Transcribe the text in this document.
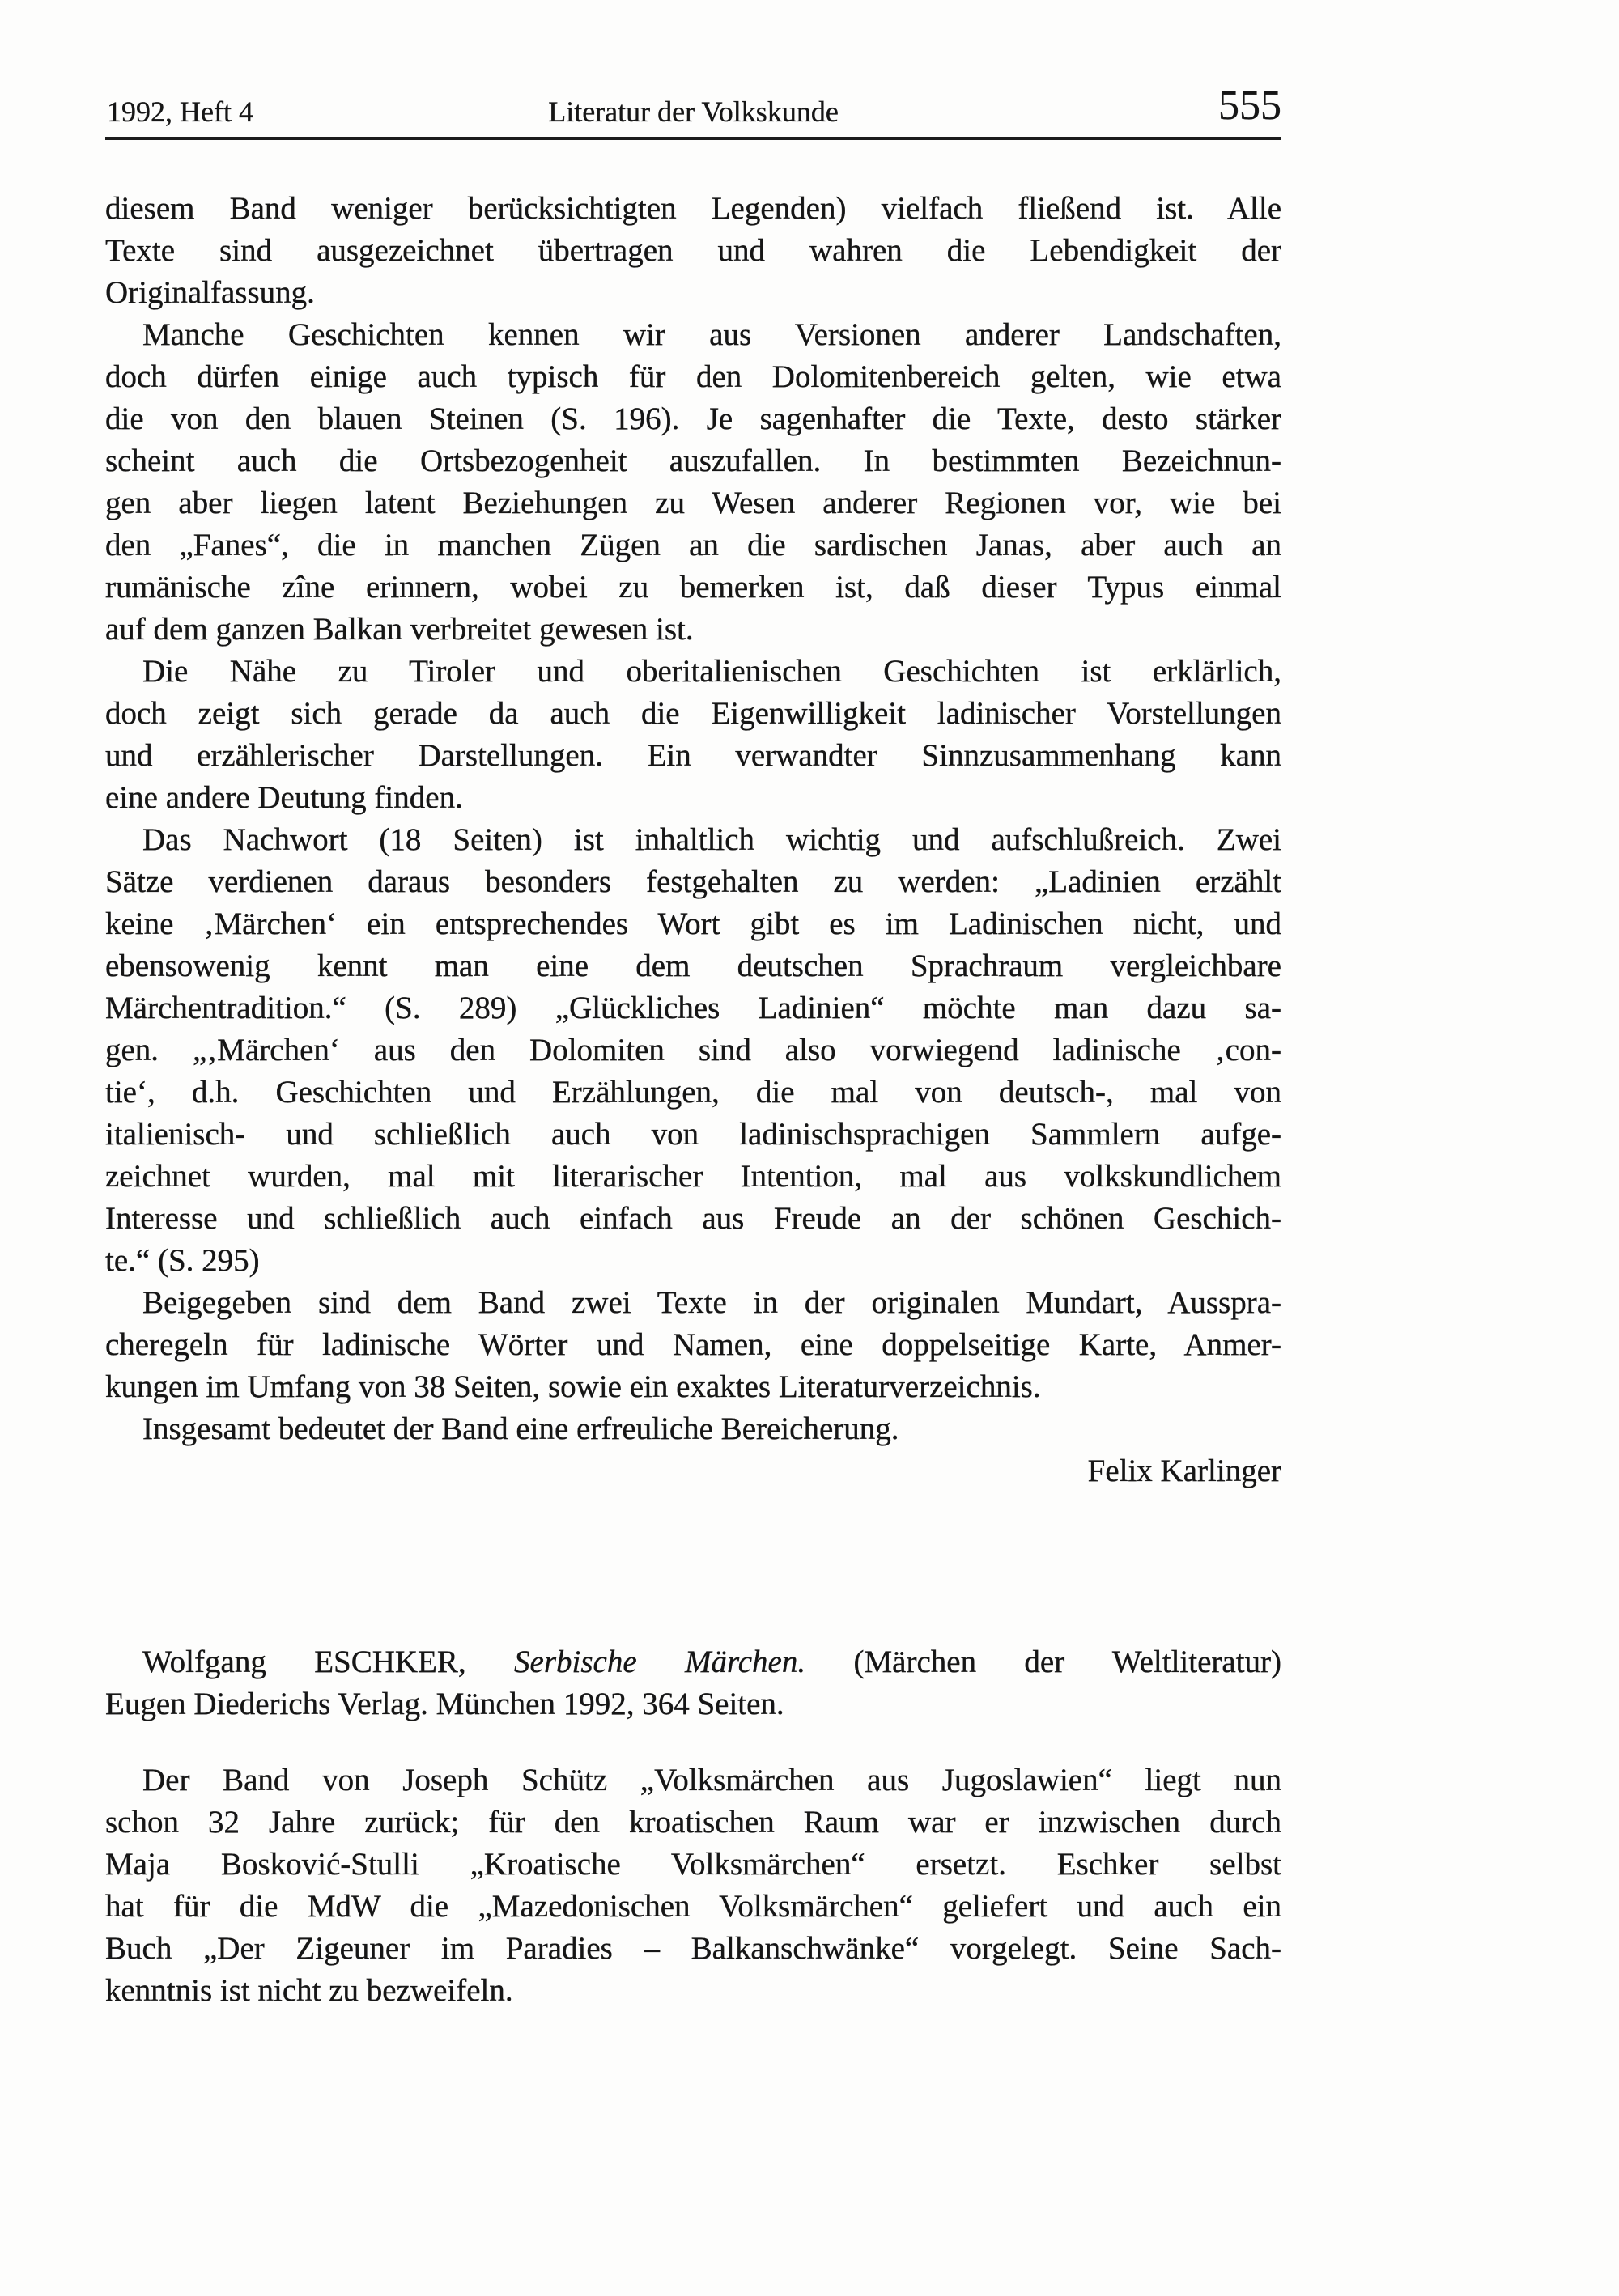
1992, Heft 4	Literatur der Volkskunde	555
diesem Band weniger berücksichtigten Legenden) vielfach fließend ist. Alle
Texte sind ausgezeichnet übertragen und wahren die Lebendigkeit der
Originalfassung.
Manche Geschichten kennen wir aus Versionen anderer Landschaften,
doch dürfen einige auch typisch für den Dolomitenbereich gelten, wie etwa
die von den blauen Steinen (S. 196). Je sagenhafter die Texte, desto stärker
scheint auch die Ortsbezogenheit auszufallen. In bestimmten Bezeichnun-
gen aber liegen latent Beziehungen zu Wesen anderer Regionen vor, wie bei
den „Fanes“, die in manchen Zügen an die sardischen Janas, aber auch an
rumänische zîne erinnern, wobei zu bemerken ist, daß dieser Typus einmal
auf dem ganzen Balkan verbreitet gewesen ist.
Die Nähe zu Tiroler und oberitalienischen Geschichten ist erklärlich,
doch zeigt sich gerade da auch die Eigenwilligkeit ladinischer Vorstellungen
und erzählerischer Darstellungen. Ein verwandter Sinnzusammenhang kann
eine andere Deutung finden.
Das Nachwort (18 Seiten) ist inhaltlich wichtig und aufschlußreich. Zwei
Sätze verdienen daraus besonders festgehalten zu werden: „Ladinien erzählt
keine ‚Märchen‘ ein entsprechendes Wort gibt es im Ladinischen nicht, und
ebensowenig kennt man eine dem deutschen Sprachraum vergleichbare
Märchentradition.“ (S. 289) „Glückliches Ladinien“ möchte man dazu sa-
gen. „‚Märchen‘ aus den Dolomiten sind also vorwiegend ladinische ‚con-
tie‘, d.h. Geschichten und Erzählungen, die mal von deutsch-, mal von
italienisch- und schließlich auch von ladinischsprachigen Sammlern aufge-
zeichnet wurden, mal mit literarischer Intention, mal aus volkskundlichem
Interesse und schließlich auch einfach aus Freude an der schönen Geschich-
te.“ (S. 295)
Beigegeben sind dem Band zwei Texte in der originalen Mundart, Ausspra-
cheregeln für ladinische Wörter und Namen, eine doppelseitige Karte, Anmer-
kungen im Umfang von 38 Seiten, sowie ein exaktes Literaturverzeichnis.
Insgesamt bedeutet der Band eine erfreuliche Bereicherung.
Felix Karlinger
Wolfgang ESCHKER, Serbische Märchen. (Märchen der Weltliteratur)
Eugen Diederichs Verlag. München 1992, 364 Seiten.
Der Band von Joseph Schütz „Volksmärchen aus Jugoslawien“ liegt nun
schon 32 Jahre zurück; für den kroatischen Raum war er inzwischen durch
Maja Bosković-Stulli „Kroatische Volksmärchen“ ersetzt. Eschker selbst
hat für die MdW die „Mazedonischen Volksmärchen“ geliefert und auch ein
Buch „Der Zigeuner im Paradies – Balkanschwänke“ vorgelegt. Seine Sach-
kenntnis ist nicht zu bezweifeln.
